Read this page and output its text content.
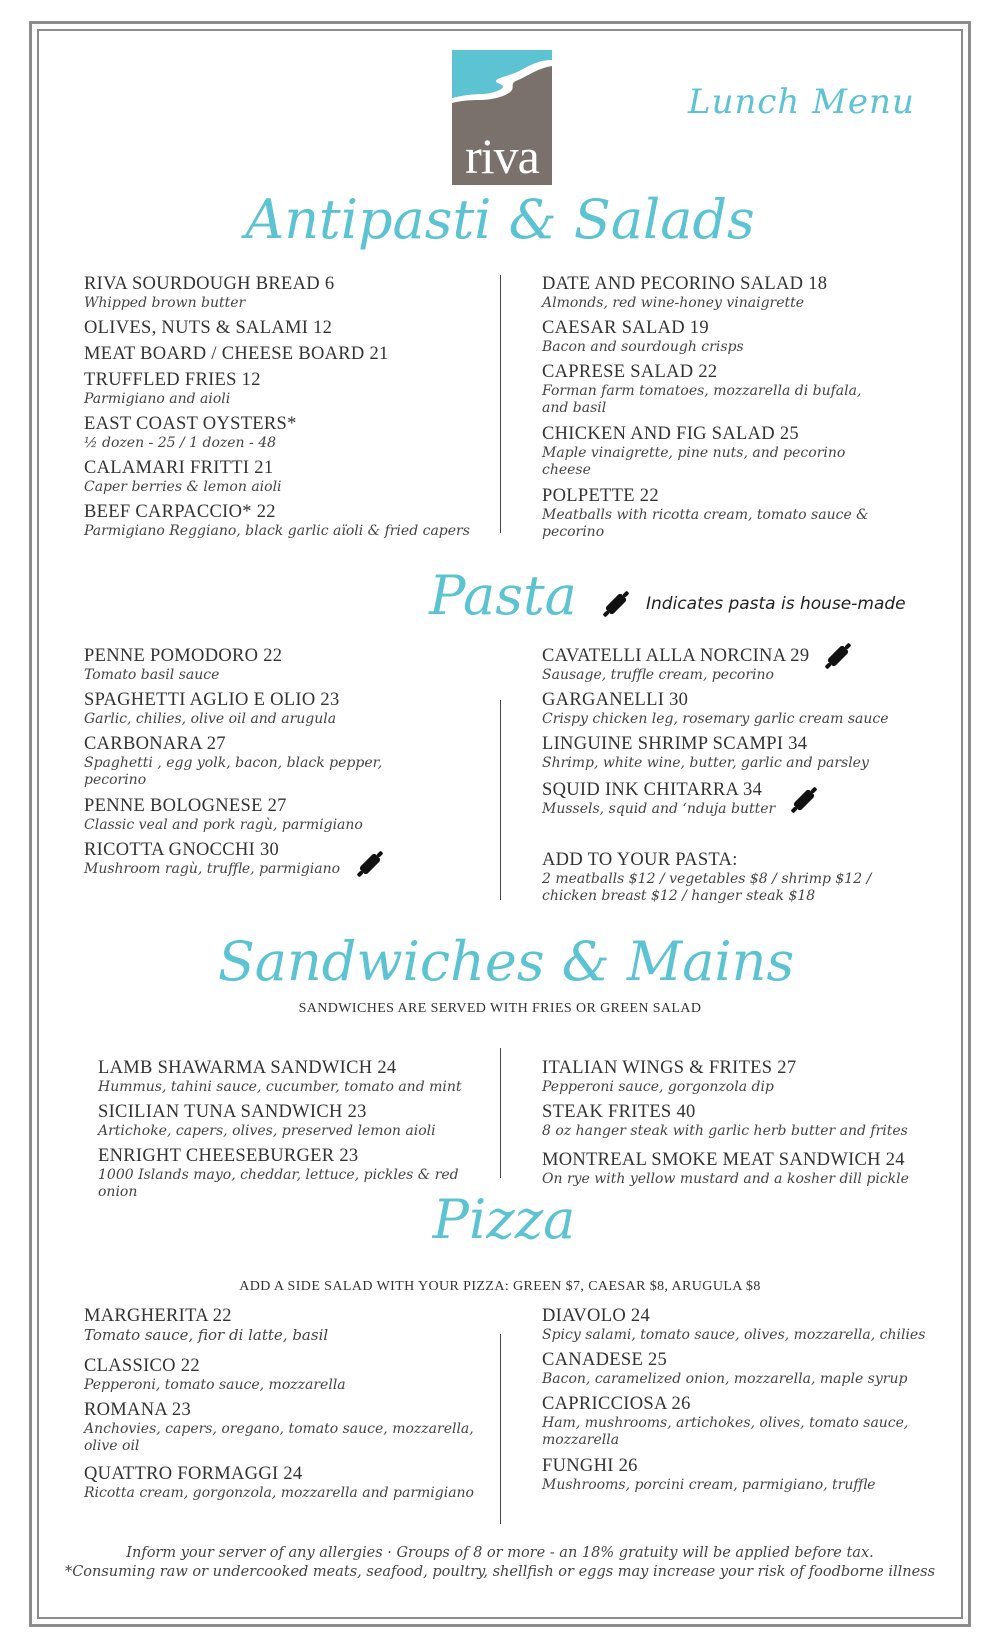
riva
Lunch Menu
Antipasti & Salads
RIVA SOURDOUGH BREAD 6
Whipped brown butter
OLIVES, NUTS & SALAMI 12
MEAT BOARD / CHEESE BOARD 21
TRUFFLED FRIES 12
Parmigiano and aioli
EAST COAST OYSTERS*
½ dozen - 25 / 1 dozen - 48
CALAMARI FRITTI 21
Caper berries & lemon aioli
BEEF CARPACCIO* 22
Parmigiano Reggiano, black garlic aïoli & fried capers
DATE AND PECORINO SALAD 18
Almonds, red wine-honey vinaigrette
CAESAR SALAD 19
Bacon and sourdough crisps
CAPRESE SALAD 22
Forman farm tomatoes, mozzarella di bufala, and basil
CHICKEN AND FIG SALAD 25
Maple vinaigrette, pine nuts, and pecorino cheese
POLPETTE 22
Meatballs with ricotta cream, tomato sauce & pecorino
Pasta	Indicates pasta is house-made
PENNE POMODORO 22
Tomato basil sauce
SPAGHETTI AGLIO E OLIO 23
Garlic, chilies, olive oil and arugula
CARBONARA 27
Spaghetti , egg yolk, bacon, black pepper, pecorino
PENNE BOLOGNESE 27
Classic veal and pork ragù, parmigiano
RICOTTA GNOCCHI 30
Mushroom ragù, truffle, parmigiano
CAVATELLI ALLA NORCINA 29
Sausage, truffle cream, pecorino
GARGANELLI 30
Crispy chicken leg, rosemary garlic cream sauce
LINGUINE SHRIMP SCAMPI 34
Shrimp, white wine, butter, garlic and parsley
SQUID INK CHITARRA 34
Mussels, squid and ‘nduja butter
ADD TO YOUR PASTA:
2 meatballs $12 / vegetables $8 / shrimp $12 / chicken breast $12 / hanger steak $18
Sandwiches & Mains
SANDWICHES ARE SERVED WITH FRIES OR GREEN SALAD
LAMB SHAWARMA SANDWICH 24
Hummus, tahini sauce, cucumber, tomato and mint
SICILIAN TUNA SANDWICH 23
Artichoke, capers, olives, preserved lemon aioli
ENRIGHT CHEESEBURGER 23
1000 Islands mayo, cheddar, lettuce, pickles & red onion
ITALIAN WINGS & FRITES 27
Pepperoni sauce, gorgonzola dip
STEAK FRITES 40
8 oz hanger steak with garlic herb butter and frites
MONTREAL SMOKE MEAT SANDWICH 24
On rye with yellow mustard and a kosher dill pickle
Pizza
ADD A SIDE SALAD WITH YOUR PIZZA: GREEN $7, CAESAR $8, ARUGULA $8
MARGHERITA 22
Tomato sauce, fior di latte, basil
CLASSICO 22
Pepperoni, tomato sauce, mozzarella
ROMANA 23
Anchovies, capers, oregano, tomato sauce, mozzarella, olive oil
QUATTRO FORMAGGI 24
Ricotta cream, gorgonzola, mozzarella and parmigiano
DIAVOLO 24
Spicy salami, tomato sauce, olives, mozzarella, chilies
CANADESE 25
Bacon, caramelized onion, mozzarella, maple syrup
CAPRICCIOSA 26
Ham, mushrooms, artichokes, olives, tomato sauce, mozzarella
FUNGHI 26
Mushrooms, porcini cream, parmigiano, truffle
Inform your server of any allergies · Groups of 8 or more - an 18% gratuity will be applied before tax.
*Consuming raw or undercooked meats, seafood, poultry, shellfish or eggs may increase your risk of foodborne illness
